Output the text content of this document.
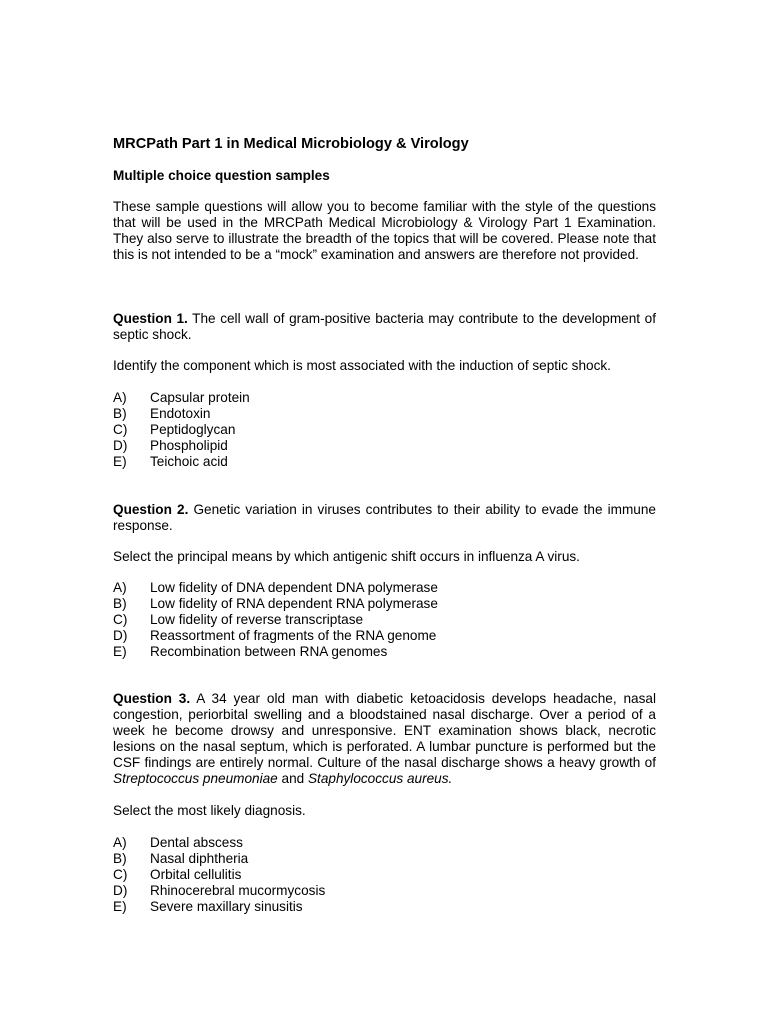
MRCPath Part 1 in Medical Microbiology & Virology

Multiple choice question samples

These sample questions will allow you to become familiar with the style of the questions that will be used in the MRCPath Medical Microbiology & Virology Part 1 Examination. They also serve to illustrate the breadth of the topics that will be covered. Please note that this is not intended to be a “mock” examination and answers are therefore not provided.

Question 1. The cell wall of gram-positive bacteria may contribute to the development of septic shock.

Identify the component which is most associated with the induction of septic shock.

A)	Capsular protein
B)	Endotoxin
C)	Peptidoglycan
D)	Phospholipid
E)	Teichoic acid

Question 2. Genetic variation in viruses contributes to their ability to evade the immune response.

Select the principal means by which antigenic shift occurs in influenza A virus.

A)	Low fidelity of DNA dependent DNA polymerase
B)	Low fidelity of RNA dependent RNA polymerase
C)	Low fidelity of reverse transcriptase
D)	Reassortment of fragments of the RNA genome
E)	Recombination between RNA genomes

Question 3. A 34 year old man with diabetic ketoacidosis develops headache, nasal congestion, periorbital swelling and a bloodstained nasal discharge. Over a period of a week he become drowsy and unresponsive. ENT examination shows black, necrotic lesions on the nasal septum, which is perforated. A lumbar puncture is performed but the CSF findings are entirely normal. Culture of the nasal discharge shows a heavy growth of Streptococcus pneumoniae and Staphylococcus aureus.

Select the most likely diagnosis.

A)	Dental abscess
B)	Nasal diphtheria
C)	Orbital cellulitis
D)	Rhinocerebral mucormycosis
E)	Severe maxillary sinusitis
